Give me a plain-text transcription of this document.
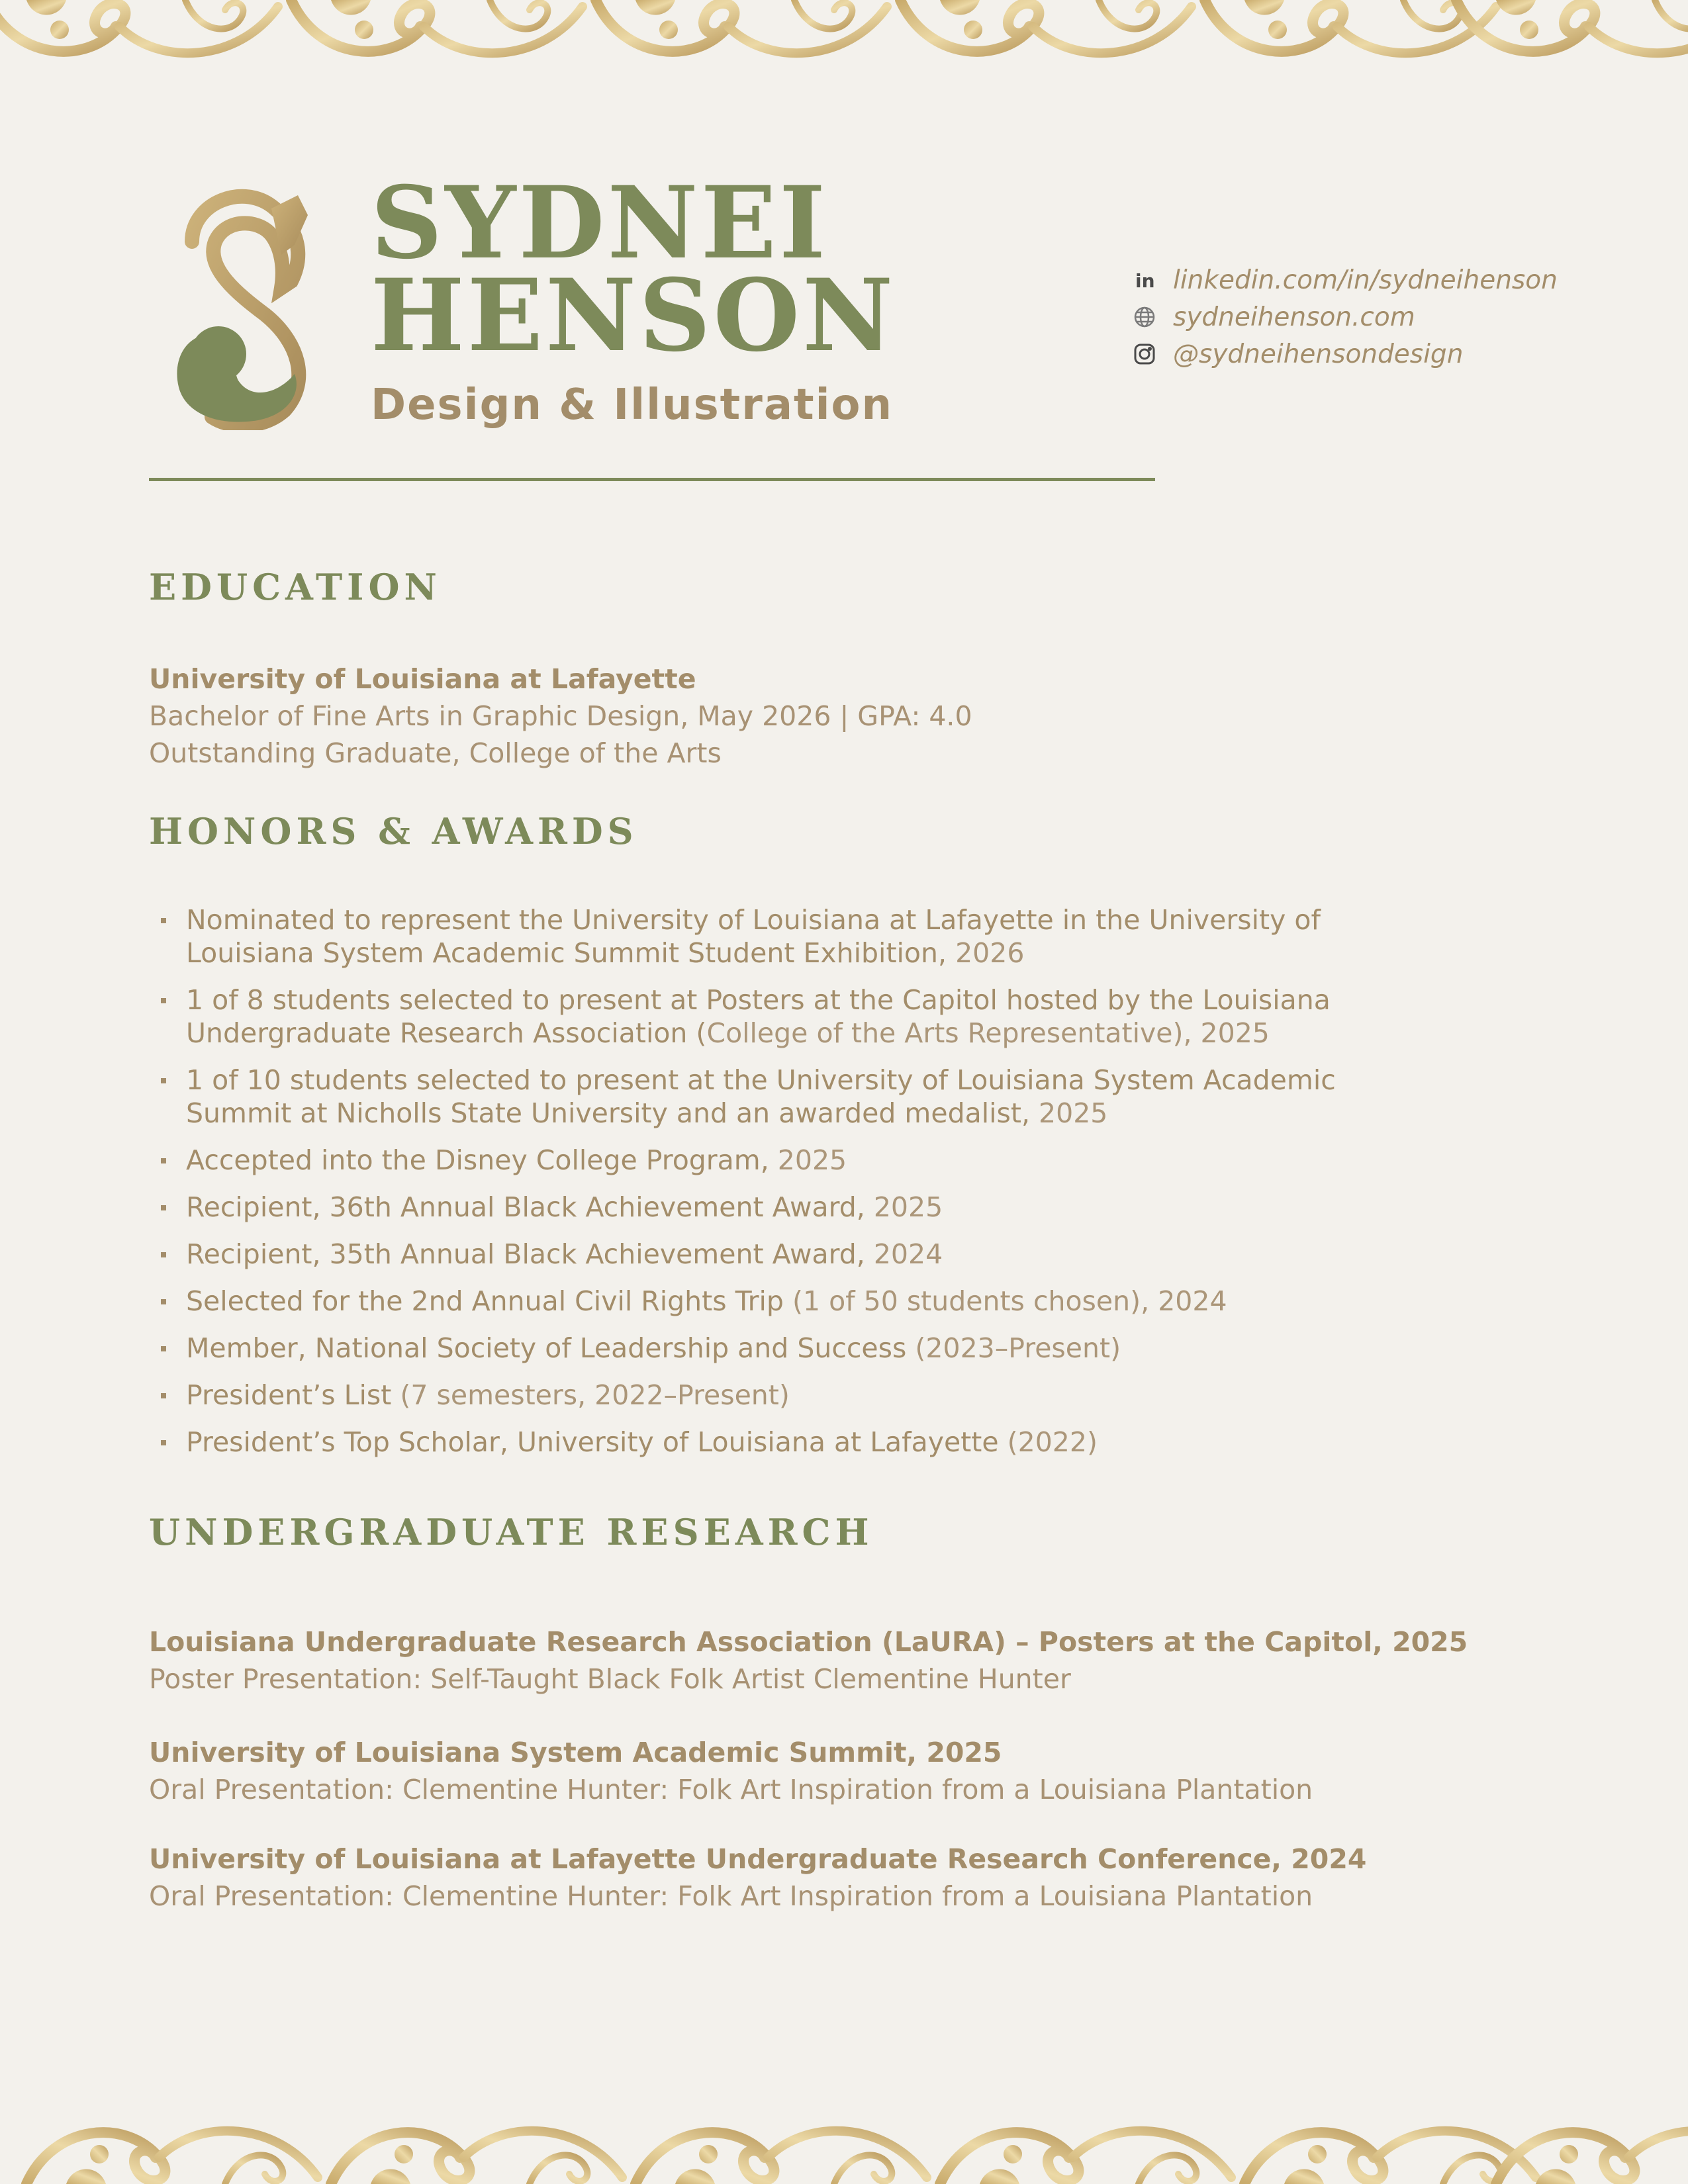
SYDNEI
HENSON
Design & Illustration
in linkedin.com/in/sydneihenson
sydneihenson.com
@sydneihensondesign
EDUCATION
University of Louisiana at Lafayette
Bachelor of Fine Arts in Graphic Design, May 2026 | GPA: 4.0
Outstanding Graduate, College of the Arts
HONORS & AWARDS
Nominated to represent the University of Louisiana at Lafayette in the University of Louisiana System Academic Summit Student Exhibition, 2026
1 of 8 students selected to present at Posters at the Capitol hosted by the Louisiana Undergraduate Research Association (College of the Arts Representative), 2025
1 of 10 students selected to present at the University of Louisiana System Academic Summit at Nicholls State University and an awarded medalist, 2025
Accepted into the Disney College Program, 2025
Recipient, 36th Annual Black Achievement Award, 2025
Recipient, 35th Annual Black Achievement Award, 2024
Selected for the 2nd Annual Civil Rights Trip (1 of 50 students chosen), 2024
Member, National Society of Leadership and Success (2023–Present)
President’s List (7 semesters, 2022–Present)
President’s Top Scholar, University of Louisiana at Lafayette (2022)
UNDERGRADUATE RESEARCH
Louisiana Undergraduate Research Association (LaURA) – Posters at the Capitol, 2025
Poster Presentation: Self-Taught Black Folk Artist Clementine Hunter
University of Louisiana System Academic Summit, 2025
Oral Presentation: Clementine Hunter: Folk Art Inspiration from a Louisiana Plantation
University of Louisiana at Lafayette Undergraduate Research Conference, 2024
Oral Presentation: Clementine Hunter: Folk Art Inspiration from a Louisiana Plantation
